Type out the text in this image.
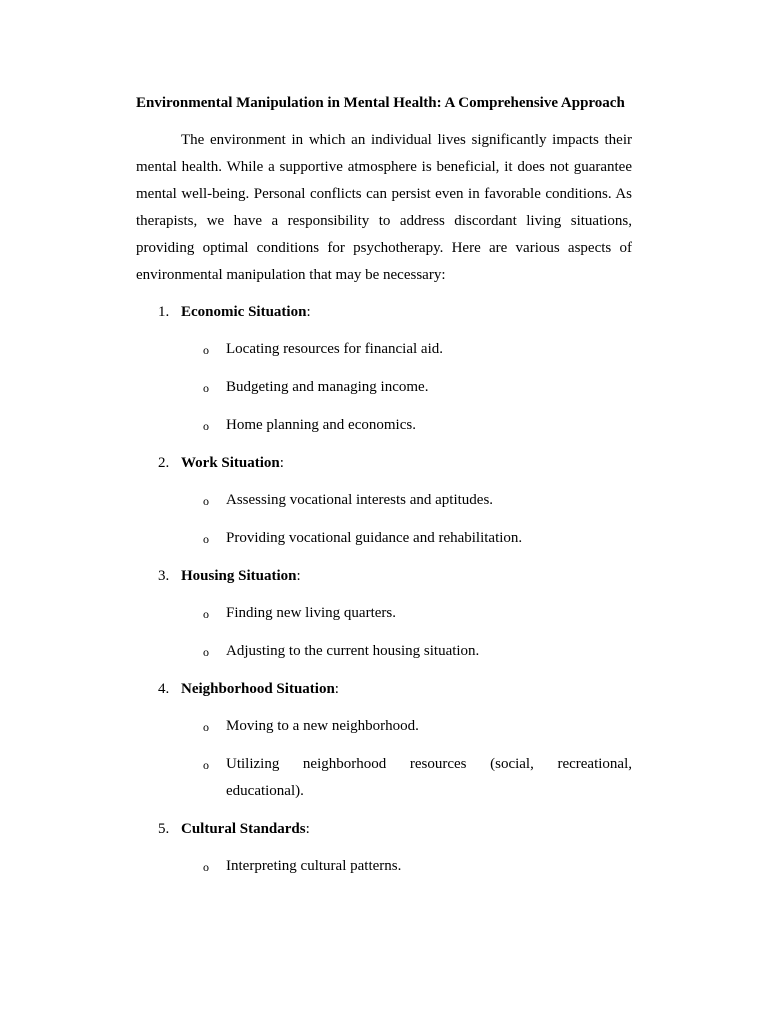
Environmental Manipulation in Mental Health: A Comprehensive Approach

The environment in which an individual lives significantly impacts their mental health. While a supportive atmosphere is beneficial, it does not guarantee mental well-being. Personal conflicts can persist even in favorable conditions. As therapists, we have a responsibility to address discordant living situations, providing optimal conditions for psychotherapy. Here are various aspects of environmental manipulation that may be necessary:

1. Economic Situation:
o Locating resources for financial aid.
o Budgeting and managing income.
o Home planning and economics.
2. Work Situation:
o Assessing vocational interests and aptitudes.
o Providing vocational guidance and rehabilitation.
3. Housing Situation:
o Finding new living quarters.
o Adjusting to the current housing situation.
4. Neighborhood Situation:
o Moving to a new neighborhood.
o Utilizing neighborhood resources (social, recreational, educational).
5. Cultural Standards:
o Interpreting cultural patterns.
